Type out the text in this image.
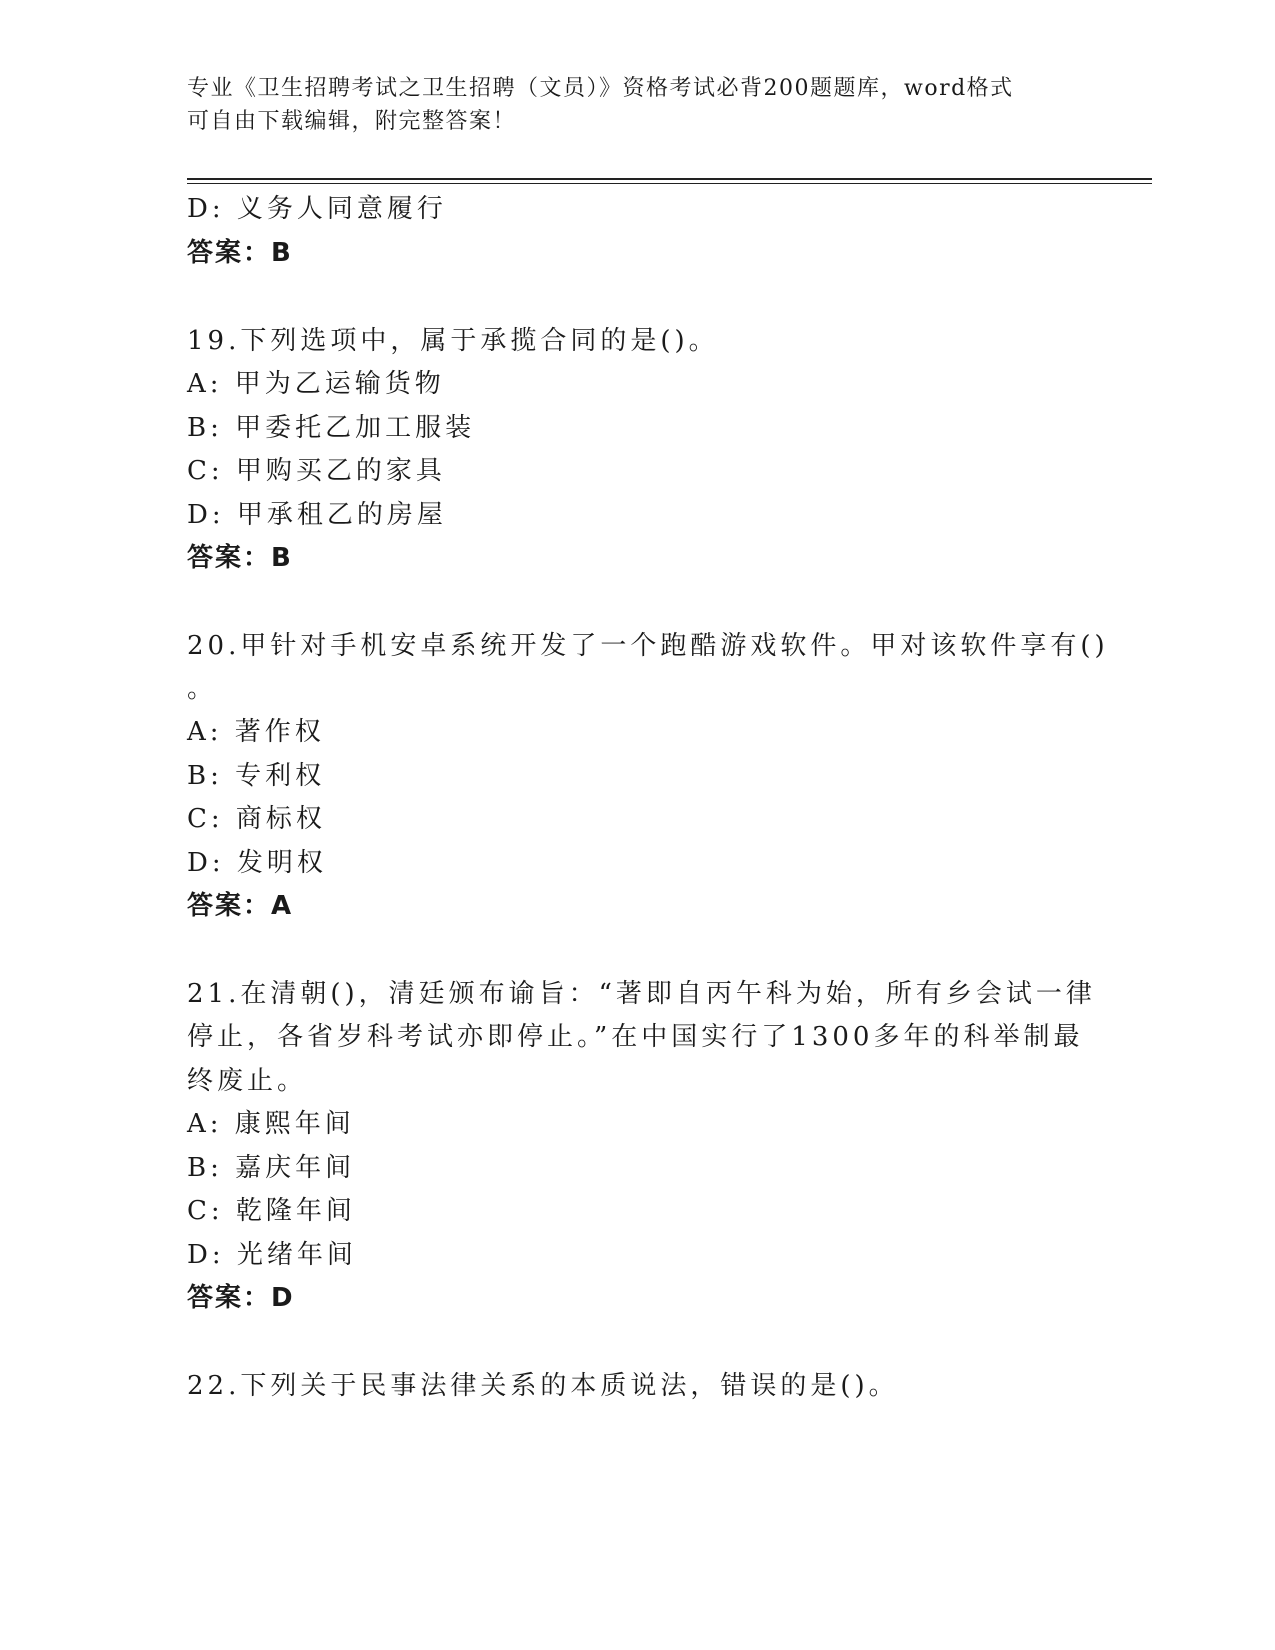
专业《卫生招聘考试之卫生招聘（文员）》资格考试必背200题题库，word格式
可自由下载编辑，附完整答案！
D: 义务人同意履行
答案：B
19.下列选项中，属于承揽合同的是()。
A: 甲为乙运输货物
B: 甲委托乙加工服装
C: 甲购买乙的家具
D: 甲承租乙的房屋
答案：B
20.甲针对手机安卓系统开发了一个跑酷游戏软件。甲对该软件享有()
。
A: 著作权
B: 专利权
C: 商标权
D: 发明权
答案：A
21.在清朝()，清廷颁布谕旨：“著即自丙午科为始，所有乡会试一律
停止，各省岁科考试亦即停止。”在中国实行了1300多年的科举制最
终废止。
A: 康熙年间
B: 嘉庆年间
C: 乾隆年间
D: 光绪年间
答案：D
22.下列关于民事法律关系的本质说法，错误的是()。
